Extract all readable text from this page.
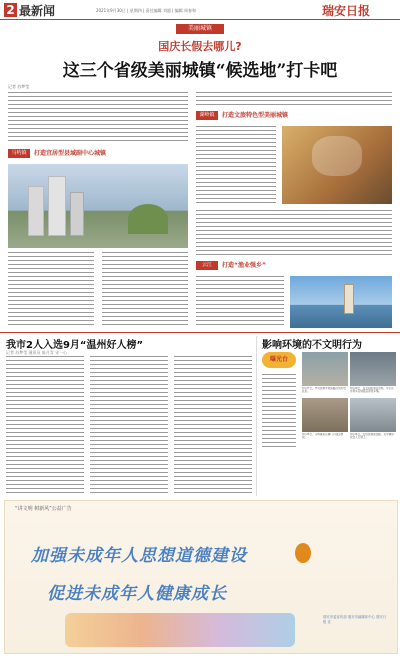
2 最新闻	2021年9月30日 | 星期四 | 责任编辑 刘超 | 编辑 周春和	瑞安日报
美丽城镇
国庆长假去哪儿?
这三个省级美丽城镇“候选地”打卡吧
记者 苏梦莹
马屿镇	打造宜居型县域副中心城镇
湖岭镇	打造文旅特色型美丽城镇
云江	打造“渔业强乡”
我市2人入选9月“温州好人榜”
记者 苏梦莹 通讯员 陈月青 宋一心
影响环境的不文明行为
曝光台
9月27日，罗凤街道丰收南路沿线垃圾乱扔。
9月29日，在安阳街道白岩桥，车主在非停车区域随意停放车辆。
9月26日，马屿镇某店铺门口随意摆放。
9月26日，安阳街道丽金路，有车辆停放在人行道上。
“讲文明 树新风”公益广告
加强未成年人思想道德建设
促进未成年人健康成长
瑞安市委宣传部 瑞安市融媒体中心 瑞安日报 宣
